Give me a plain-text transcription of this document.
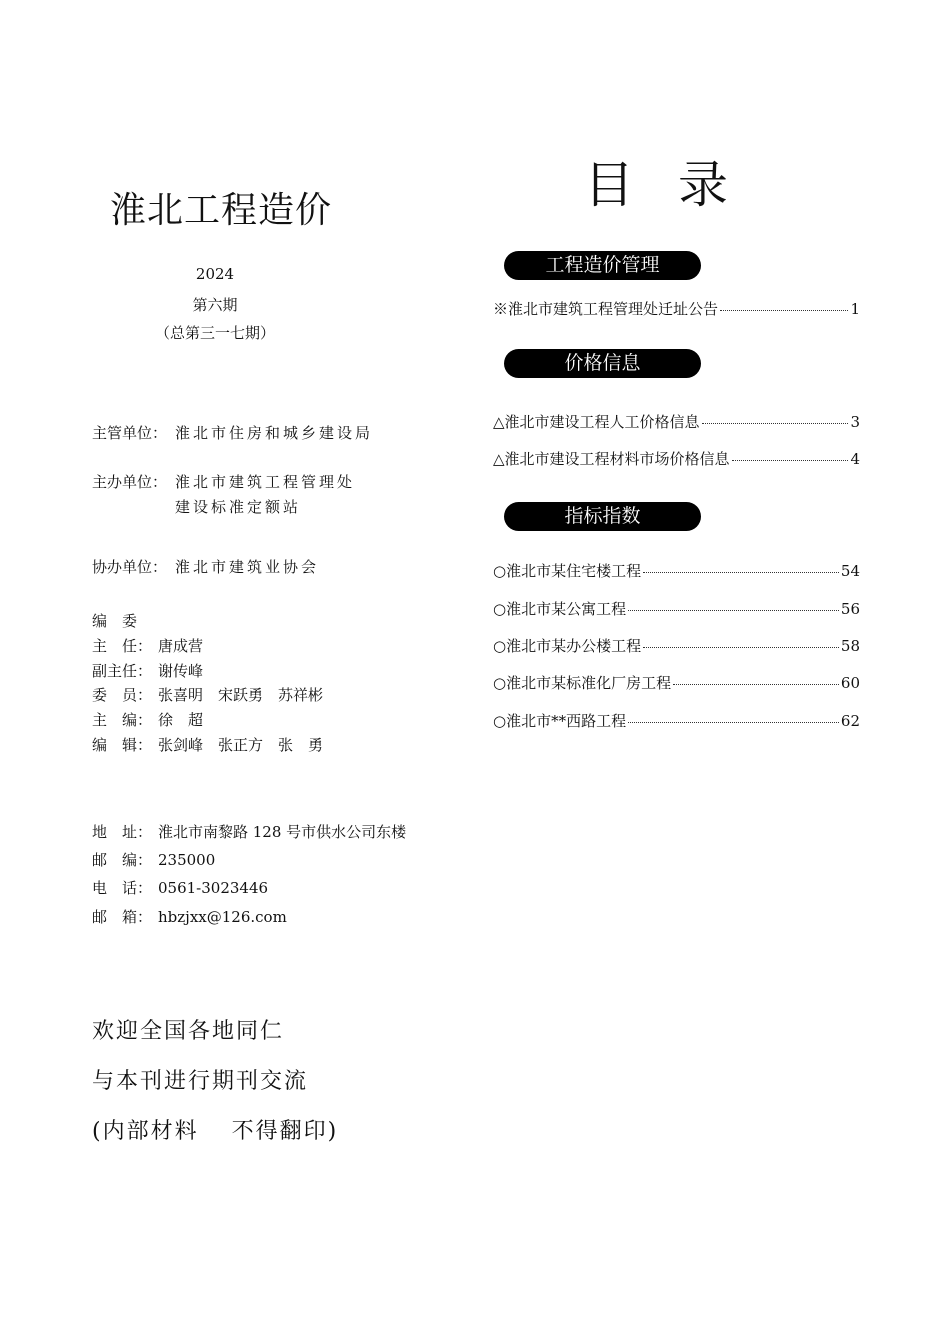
淮北工程造价
2024
第六期
（总第三一七期）
主管单位： 淮北市住房和城乡建设局
主办单位： 淮北市建筑工程管理处
建设标准定额站
协办单位： 淮北市建筑业协会
编　委
主　任： 唐成营
副主任： 谢传峰
委　员： 张喜明　宋跃勇　苏祥彬
主　编： 徐　超
编　辑： 张剑峰　张正方　张　勇
地　址： 淮北市南黎路 128 号市供水公司东楼
邮　编： 235000
电　话： 0561-3023446
邮　箱： hbzjxx@126.com
欢迎全国各地同仁
与本刊进行期刊交流
(内部材料　 不得翻印)
目 录
工程造价管理
※淮北市建筑工程管理处迁址公告	1
价格信息
△淮北市建设工程人工价格信息	3
△淮北市建设工程材料市场价格信息	4
指标指数
○淮北市某住宅楼工程	54
○淮北市某公寓工程	56
○淮北市某办公楼工程	58
○淮北市某标准化厂房工程	60
○淮北市**西路工程	62
